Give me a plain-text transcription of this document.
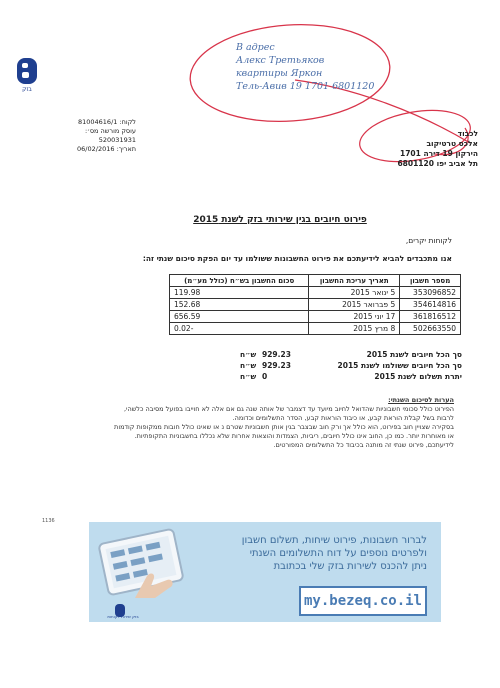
בזק
В адрес
Алекс Третьяков
квартиры Яркон
Тель-Авив 19 1701 6801120
לכבוד
אלכס טרטיקוב
הירקון 19 דירה 1701
תל אביב יפו 6801120
לקוח: 81004616/1
עוסק מורשה מס׳: 520031931
תאריך: 06/02/2016
פירוט חיובים בגין שירותי בזק לשנת 2015
לקוחות יקרים,
אנו מתכבדים להביא לידיעתכם את פירוט החשבונות ששולמו עד יום הפקת סיכום שנתי זה:
מספר חשבון	תאריך עריכת החשבון	סכום החשבון בש״ח (כולל מע״מ)
353096852	5 ינואר 2015	119.98
354614816	5 פברואר 2015	152.68
361816512	17 יוני 2015	656.59
502663550	8 מרץ 2015	-0.02
ש״ח 929.23	סך הכל חיובים לשנת 2015
ש״ח 929.23	סך הכל חיובים ששולמו לשנת 2015
ש״ח 0	יתרת תשלום לשנת 2015
הערות לסיכום השנתי:
הפירוט כולל סכומי חשבוניות שהדואל לחיוב מיועד עד דצמבר של אותה שנה גם אם אלה לא חוייבו בפועל מסיבה כלשהי,
לרבות בשל קבלת הוראת קבע, או כיבוד הוראות קבע, הסדר התשלומים וכדומה.
בסקירה שצויין חוב בפירוט, הוא כולל אך ורק חוב שבצבר בגין אותן חשבוניות שטרם נ או שאינו כולל חובות ממקופות קודמות
או מאוחרות יותר. כמו כן, החוב אינו כולל חיובים, ריביות, הצמדות והוצאות אחרות שלא נכללו בחשבוניות התקופתיות.
לידיעתכם, פירוט שנתי זה מותנה בכיבוד כל התשלומים המפורטים.
1136
בזק שירות לקוחות
לברור חשבונות, פירוט שיחות, תשלום חשבון
ולפרטים נוספים על דוח התשלומים השנתי
ניתן להכנס לשירות בזק שלי בכתובת
my.bezeq.co.il
